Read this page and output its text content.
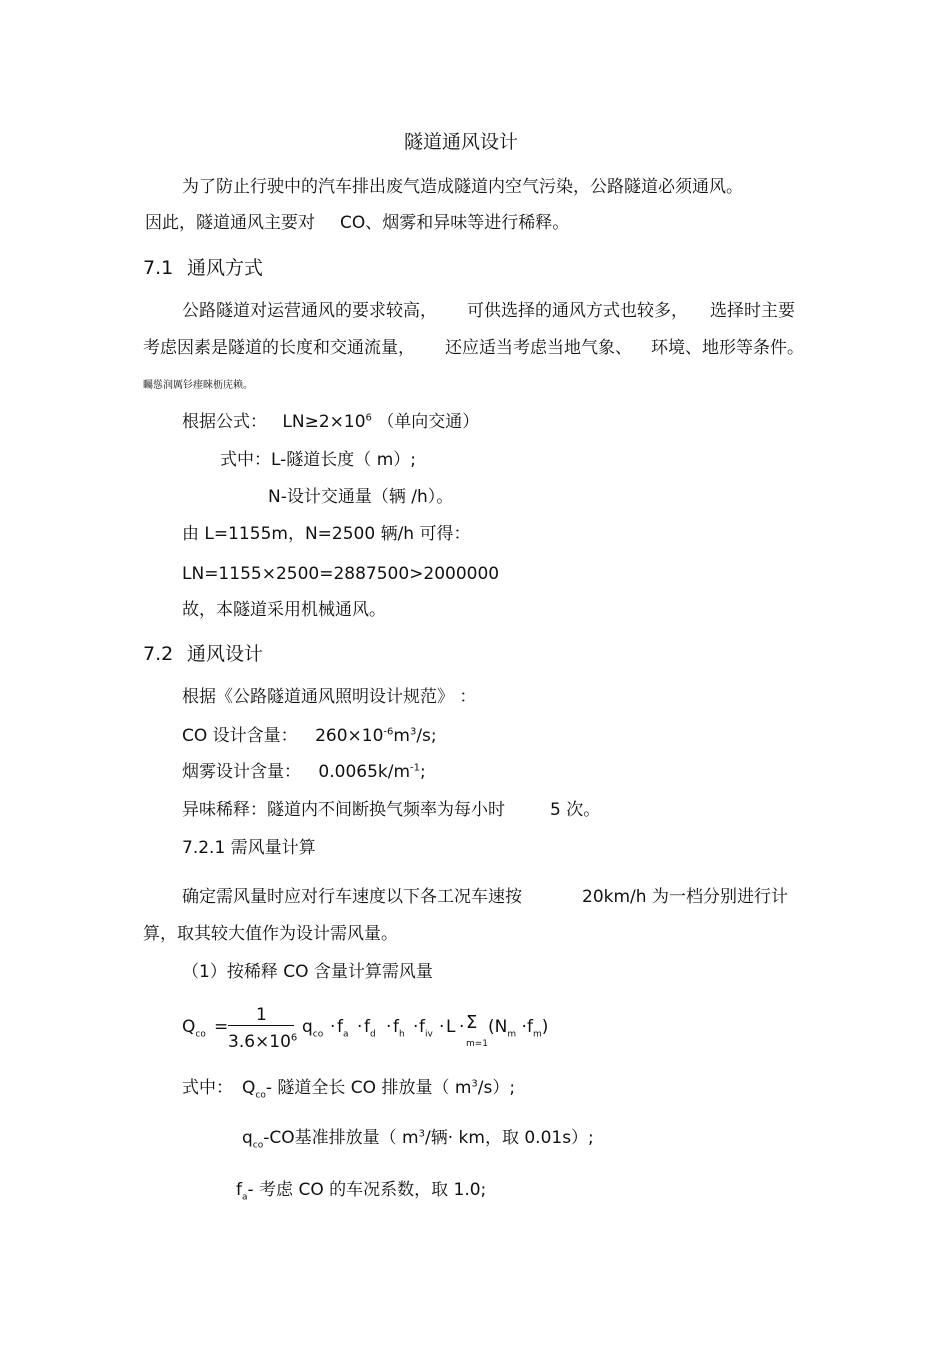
隧道通风设计
为了防止行驶中的汽车排出废气造成隧道内空气污染，公路隧道必须通风。
因此，隧道通风主要对 CO、烟雾和异味等进行稀释。
7.1 通风方式
公路隧道对运营通风的要求较高， 可供选择的通风方式也较多， 选择时主要
考虑因素是隧道的长度和交通流量， 还应适当考虑当地气象、 环境、地形等条件。
矚慫润厲钐瘗睞枥庑赖。
根据公式： $LN\ge 2\times 10^6$ （单向交通）
式中：L-隧道长度（ m）;
N-设计交通量（辆 /h）。
由 L=1155m，N=2500 辆/h 可得：
LN=1155×2500=2887500>2000000
故，本隧道采用机械通风。
7.2 通风设计
根据《公路隧道通风照明设计规范》 ：
CO 设计含量： $260\times 10^{-6}m^3/s$;
烟雾设计含量： $0.0065k/m^{-1}$;
异味稀释：隧道内不间断换气频率为每小时	5 次。
7.2.1 需风量计算
确定需风量时应对行车速度以下各工况车速按	20km/h 为一档分别进行计
算，取其较大值作为设计需风量。
（1）按稀释 CO 含量计算需风量
$Q_{co}$ =
1
$3.6\times 10^6$
$q_{co} \cdot f_a \cdot f_d \cdot f_h \cdot f_{iv} \cdot L \cdot \Sigma$
m=1
$(N_m \cdot f_m)$
式中： $Q_{co}-$ 隧道全长 CO 排放量（ $m^3/s$）;
$q_{co}-CO$基准排放量（ $m^3/$辆· km，取 0.01s）;
$f_a-$ 考虑 CO 的车况系数，取 1.0;
